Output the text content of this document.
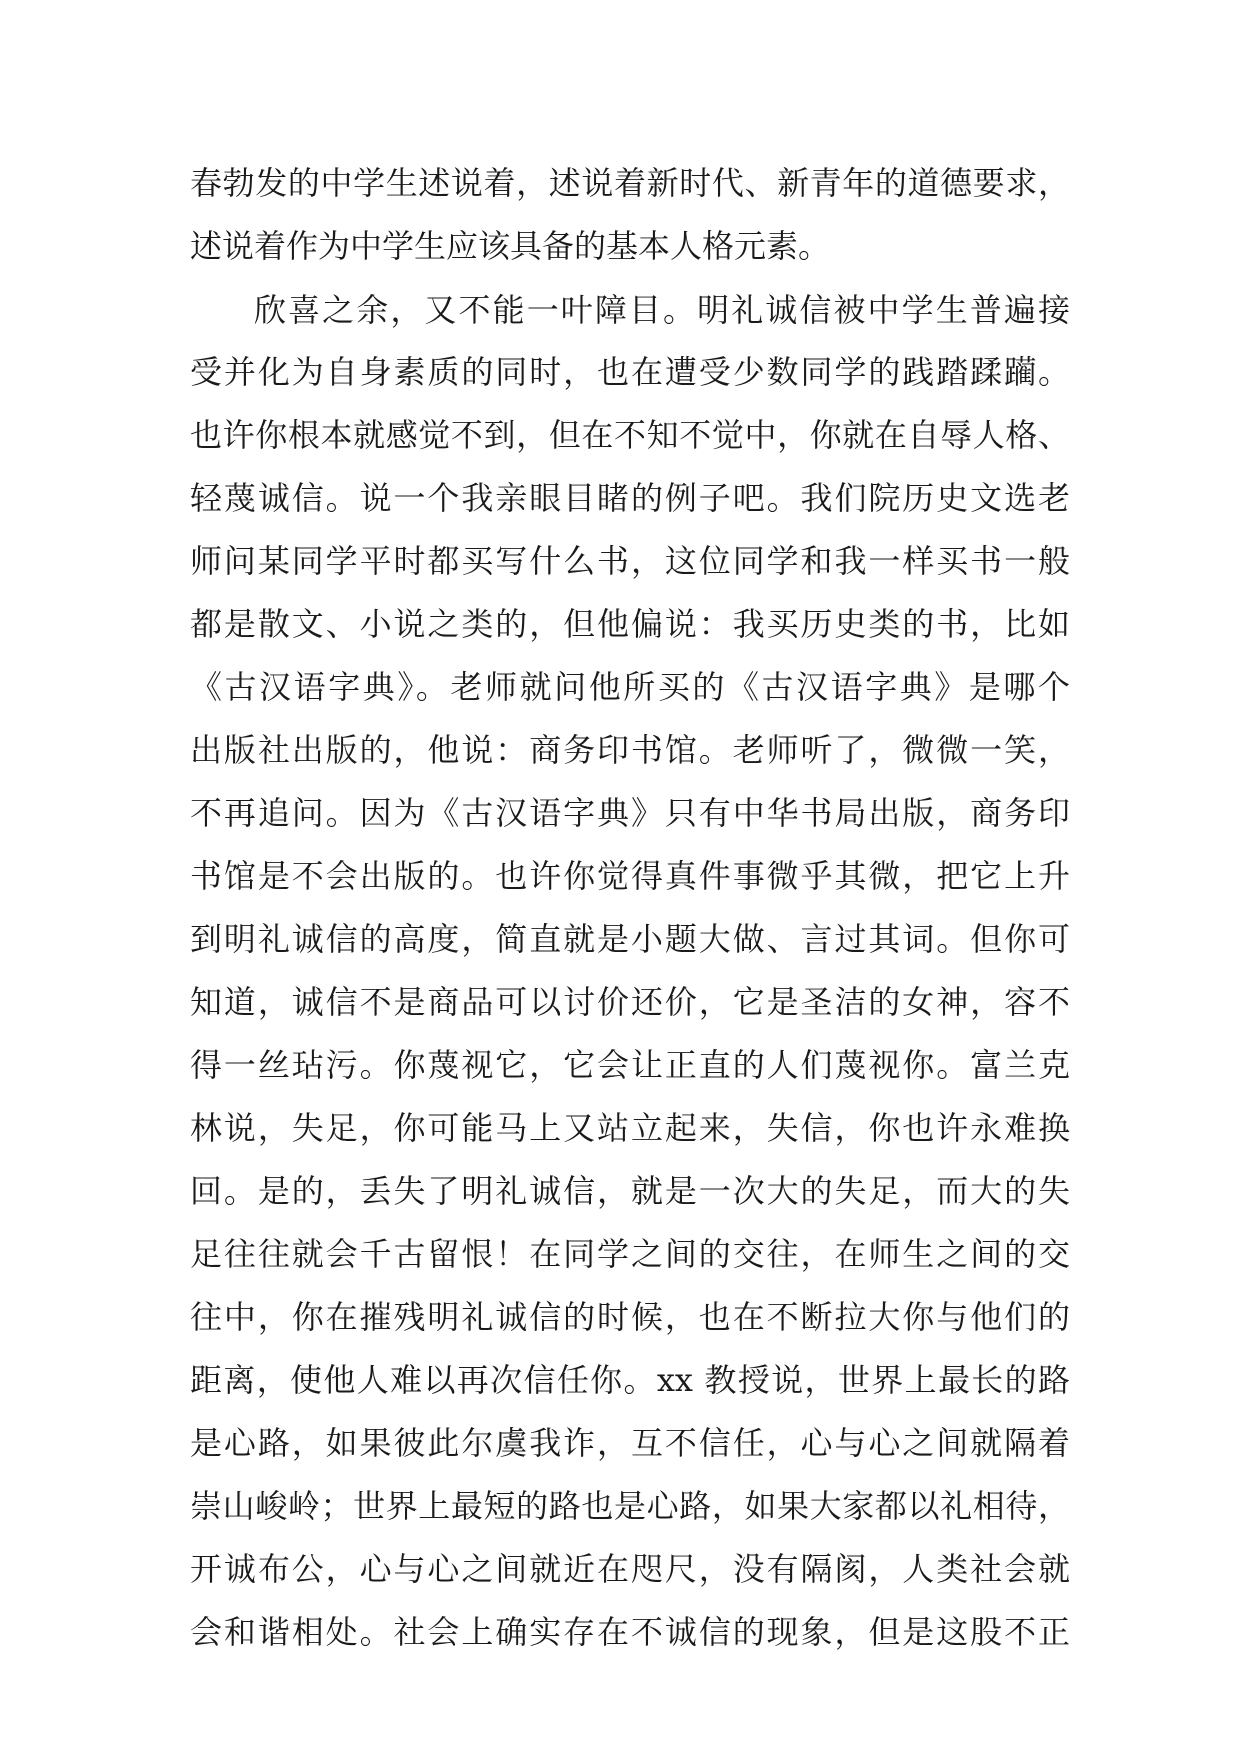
春勃发的中学生述说着，述说着新时代、新青年的道德要求，
述说着作为中学生应该具备的基本人格元素。
欣喜之余，又不能一叶障目。明礼诚信被中学生普遍接
受并化为自身素质的同时，也在遭受少数同学的践踏蹂躏。
也许你根本就感觉不到，但在不知不觉中，你就在自辱人格、
轻蔑诚信。说一个我亲眼目睹的例子吧。我们院历史文选老
师问某同学平时都买写什么书，这位同学和我一样买书一般
都是散文、小说之类的，但他偏说：我买历史类的书，比如
《古汉语字典》。老师就问他所买的《古汉语字典》是哪个
出版社出版的，他说：商务印书馆。老师听了，微微一笑，
不再追问。因为《古汉语字典》只有中华书局出版，商务印
书馆是不会出版的。也许你觉得真件事微乎其微，把它上升
到明礼诚信的高度，简直就是小题大做、言过其词。但你可
知道，诚信不是商品可以讨价还价，它是圣洁的女神，容不
得一丝玷污。你蔑视它，它会让正直的人们蔑视你。富兰克
林说，失足，你可能马上又站立起来，失信，你也许永难换
回。是的，丢失了明礼诚信，就是一次大的失足，而大的失
足往往就会千古留恨！在同学之间的交往，在师生之间的交
往中，你在摧残明礼诚信的时候，也在不断拉大你与他们的
距离，使他人难以再次信任你。xx 教授说，世界上最长的路
是心路，如果彼此尔虞我诈，互不信任，心与心之间就隔着
崇山峻岭；世界上最短的路也是心路，如果大家都以礼相待，
开诚布公，心与心之间就近在咫尺，没有隔阂，人类社会就
会和谐相处。社会上确实存在不诚信的现象，但是这股不正
